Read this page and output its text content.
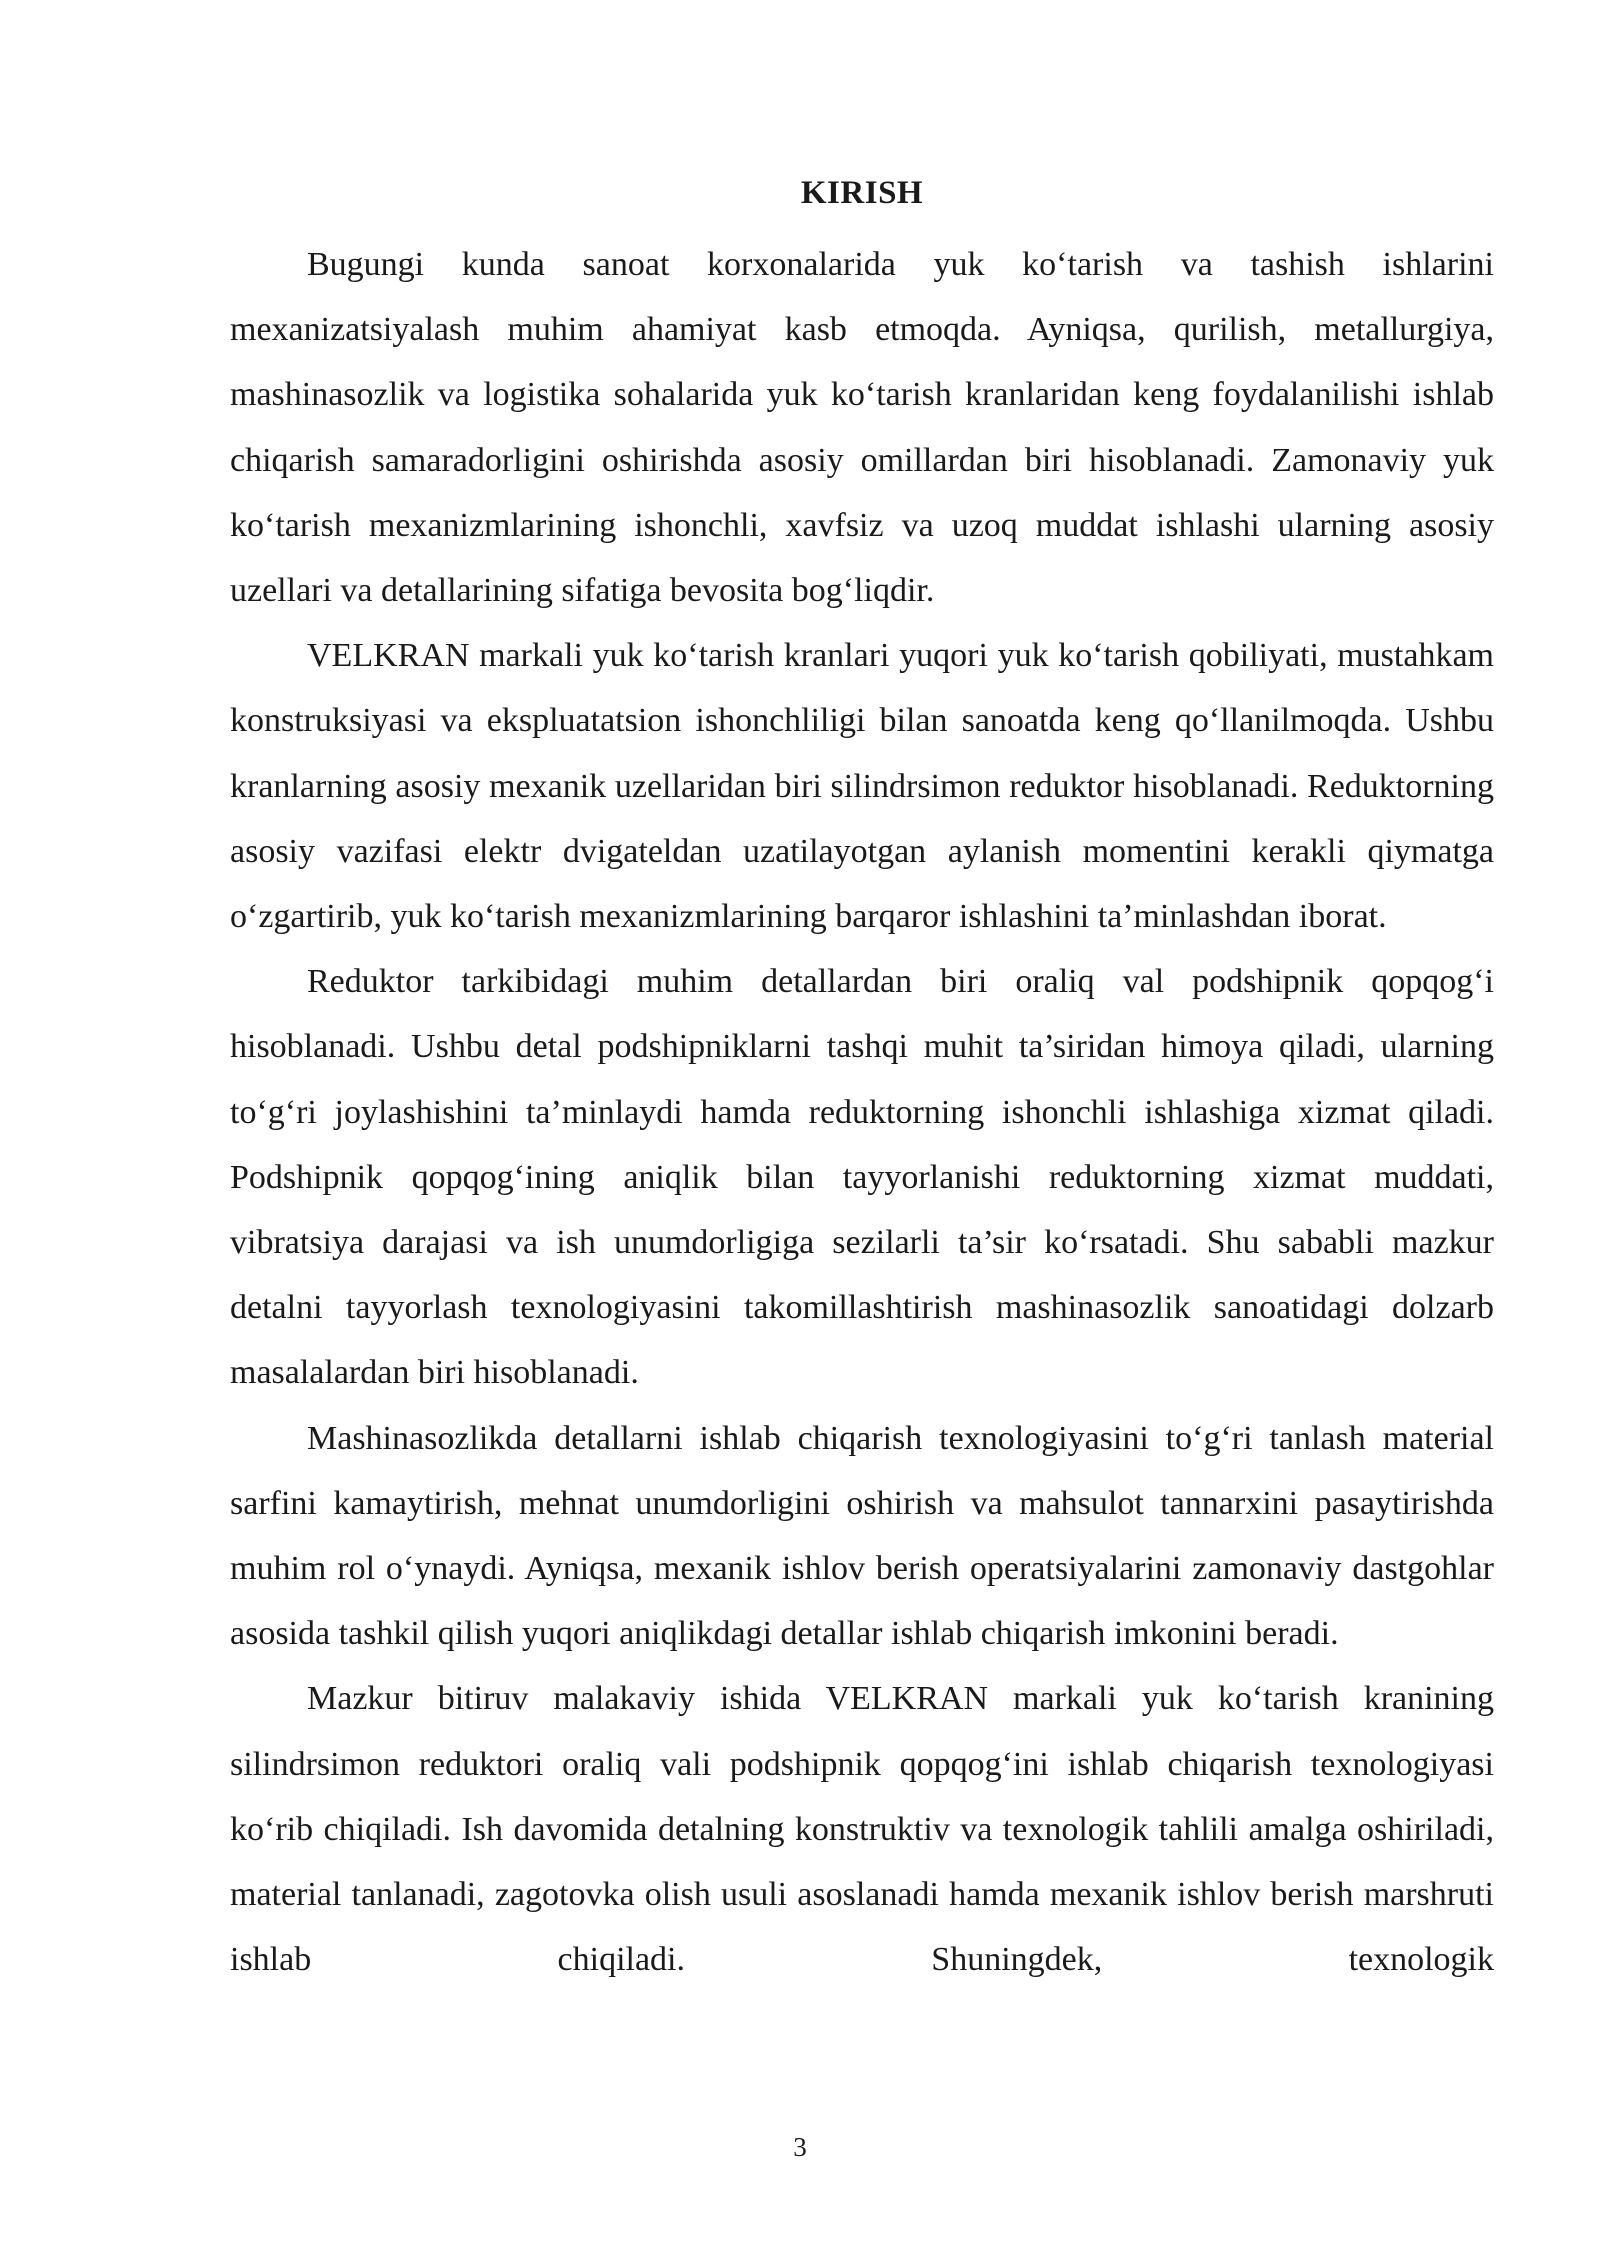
KIRISH

Bugungi kunda sanoat korxonalarida yuk ko‘tarish va tashish ishlarini mexanizatsiyalash muhim ahamiyat kasb etmoqda. Ayniqsa, qurilish, metallurgiya, mashinasozlik va logistika sohalarida yuk ko‘tarish kranlaridan keng foydalanilishi ishlab chiqarish samaradorligini oshirishda asosiy omillardan biri hisoblanadi. Zamonaviy yuk ko‘tarish mexanizmlarining ishonchli, xavfsiz va uzoq muddat ishlashi ularning asosiy uzellari va detallarining sifatiga bevosita bog‘liqdir.

VELKRAN markali yuk ko‘tarish kranlari yuqori yuk ko‘tarish qobiliyati, mustahkam konstruksiyasi va ekspluatatsion ishonchliligi bilan sanoatda keng qo‘llanilmoqda. Ushbu kranlarning asosiy mexanik uzellaridan biri silindrsimon reduktor hisoblanadi. Reduktorning asosiy vazifasi elektr dvigateldan uzatilayotgan aylanish momentini kerakli qiymatga o‘zgartirib, yuk ko‘tarish mexanizmlarining barqaror ishlashini ta’minlashdan iborat.

Reduktor tarkibidagi muhim detallardan biri oraliq val podshipnik qopqog‘i hisoblanadi. Ushbu detal podshipniklarni tashqi muhit ta’siridan himoya qiladi, ularning to‘g‘ri joylashishini ta’minlaydi hamda reduktorning ishonchli ishlashiga xizmat qiladi. Podshipnik qopqog‘ining aniqlik bilan tayyorlanishi reduktorning xizmat muddati, vibratsiya darajasi va ish unumdorligiga sezilarli ta’sir ko‘rsatadi. Shu sababli mazkur detalni tayyorlash texnologiyasini takomillashtirish mashinasozlik sanoatidagi dolzarb masalalardan biri hisoblanadi.

Mashinasozlikda detallarni ishlab chiqarish texnologiyasini to‘g‘ri tanlash material sarfini kamaytirish, mehnat unumdorligini oshirish va mahsulot tannarxini pasaytirishda muhim rol o‘ynaydi. Ayniqsa, mexanik ishlov berish operatsiyalarini zamonaviy dastgohlar asosida tashkil qilish yuqori aniqlikdagi detallar ishlab chiqarish imkonini beradi.

Mazkur bitiruv malakaviy ishida VELKRAN markali yuk ko‘tarish kranining silindrsimon reduktori oraliq vali podshipnik qopqog‘ini ishlab chiqarish texnologiyasi ko‘rib chiqiladi. Ish davomida detalning konstruktiv va texnologik tahlili amalga oshiriladi, material tanlanadi, zagotovka olish usuli asoslanadi hamda mexanik ishlov berish marshruti ishlab chiqiladi. Shuningdek, texnologik

3
